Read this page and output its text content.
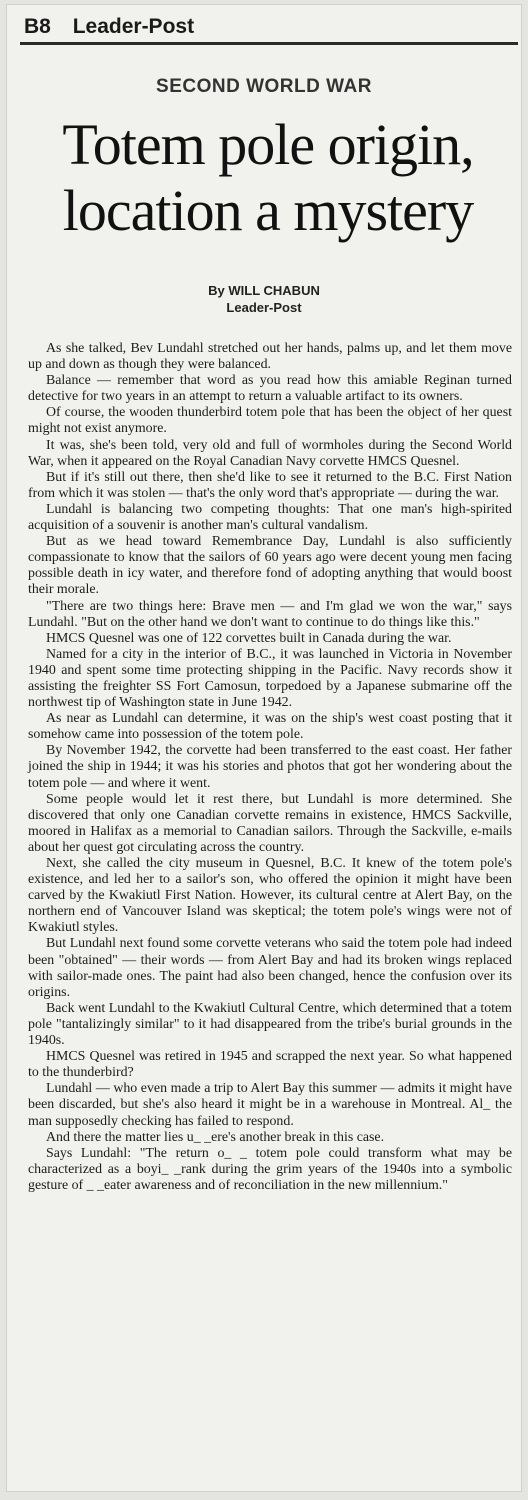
B8 Leader-Post
SECOND WORLD WAR
Totem pole origin,
location a mystery
By WILL CHABUN
Leader-Post

As she talked, Bev Lundahl stretched out her hands, palms up, and let them move up and down as though they were balanced.

Balance — remember that word as you read how this amiable Reginan turned detective for two years in an attempt to return a valuable artifact to its owners.

Of course, the wooden thunderbird totem pole that has been the object of her quest might not exist anymore.

It was, she's been told, very old and full of wormholes during the Second World War, when it appeared on the Royal Canadian Navy corvette HMCS Quesnel.

But if it's still out there, then she'd like to see it returned to the B.C. First Nation from which it was stolen — that's the only word that's appropriate — during the war.

Lundahl is balancing two competing thoughts: That one man's high-spirited acquisition of a souvenir is another man's cultural vandalism.

But as we head toward Remembrance Day, Lundahl is also sufficiently compassionate to know that the sailors of 60 years ago were decent young men facing possible death in icy water, and therefore fond of adopting anything that would boost their morale.

"There are two things here: Brave men — and I'm glad we won the war," says Lundahl. "But on the other hand we don't want to continue to do things like this."

HMCS Quesnel was one of 122 corvettes built in Canada during the war.

Named for a city in the interior of B.C., it was launched in Victoria in November 1940 and spent some time protecting shipping in the Pacific. Navy records show it assisting the freighter SS Fort Camosun, torpedoed by a Japanese submarine off the northwest tip of Washington state in June 1942.

As near as Lundahl can determine, it was on the ship's west coast posting that it somehow came into possession of the totem pole.

By November 1942, the corvette had been transferred to the east coast. Her father joined the ship in 1944; it was his stories and photos that got her wondering about the totem pole — and where it went.

Some people would let it rest there, but Lundahl is more determined. She discovered that only one Canadian corvette remains in existence, HMCS Sackville, moored in Halifax as a memorial to Canadian sailors. Through the Sackville, e-mails about her quest got circulating across the country.

Next, she called the city museum in Quesnel, B.C. It knew of the totem pole's existence, and led her to a sailor's son, who offered the opinion it might have been carved by the Kwakiutl First Nation. However, its cultural centre at Alert Bay, on the northern end of Vancouver Island was skeptical; the totem pole's wings were not of Kwakiutl styles.

But Lundahl next found some corvette veterans who said the totem pole had indeed been "obtained" — their words — from Alert Bay and had its broken wings replaced with sailor-made ones. The paint had also been changed, hence the confusion over its origins.

Back went Lundahl to the Kwakiutl Cultural Centre, which determined that a totem pole "tantalizingly similar" to it had disappeared from the tribe's burial grounds in the 1940s.

HMCS Quesnel was retired in 1945 and scrapped the next year. So what happened to the thunderbird?

Lundahl — who even made a trip to Alert Bay this summer — admits it might have been discarded, but she's also heard it might be in a warehouse in Montreal. Al_ the man supposedly checking has failed to respond.

And there the matter lies u_ _ere's another break in this case.

Says Lundahl: "The return o_ _ totem pole could transform what may be characterized as a boyi_ _rank during the grim years of the 1940s into a symbolic gesture of _ _eater awareness and of reconciliation in the new millennium."
